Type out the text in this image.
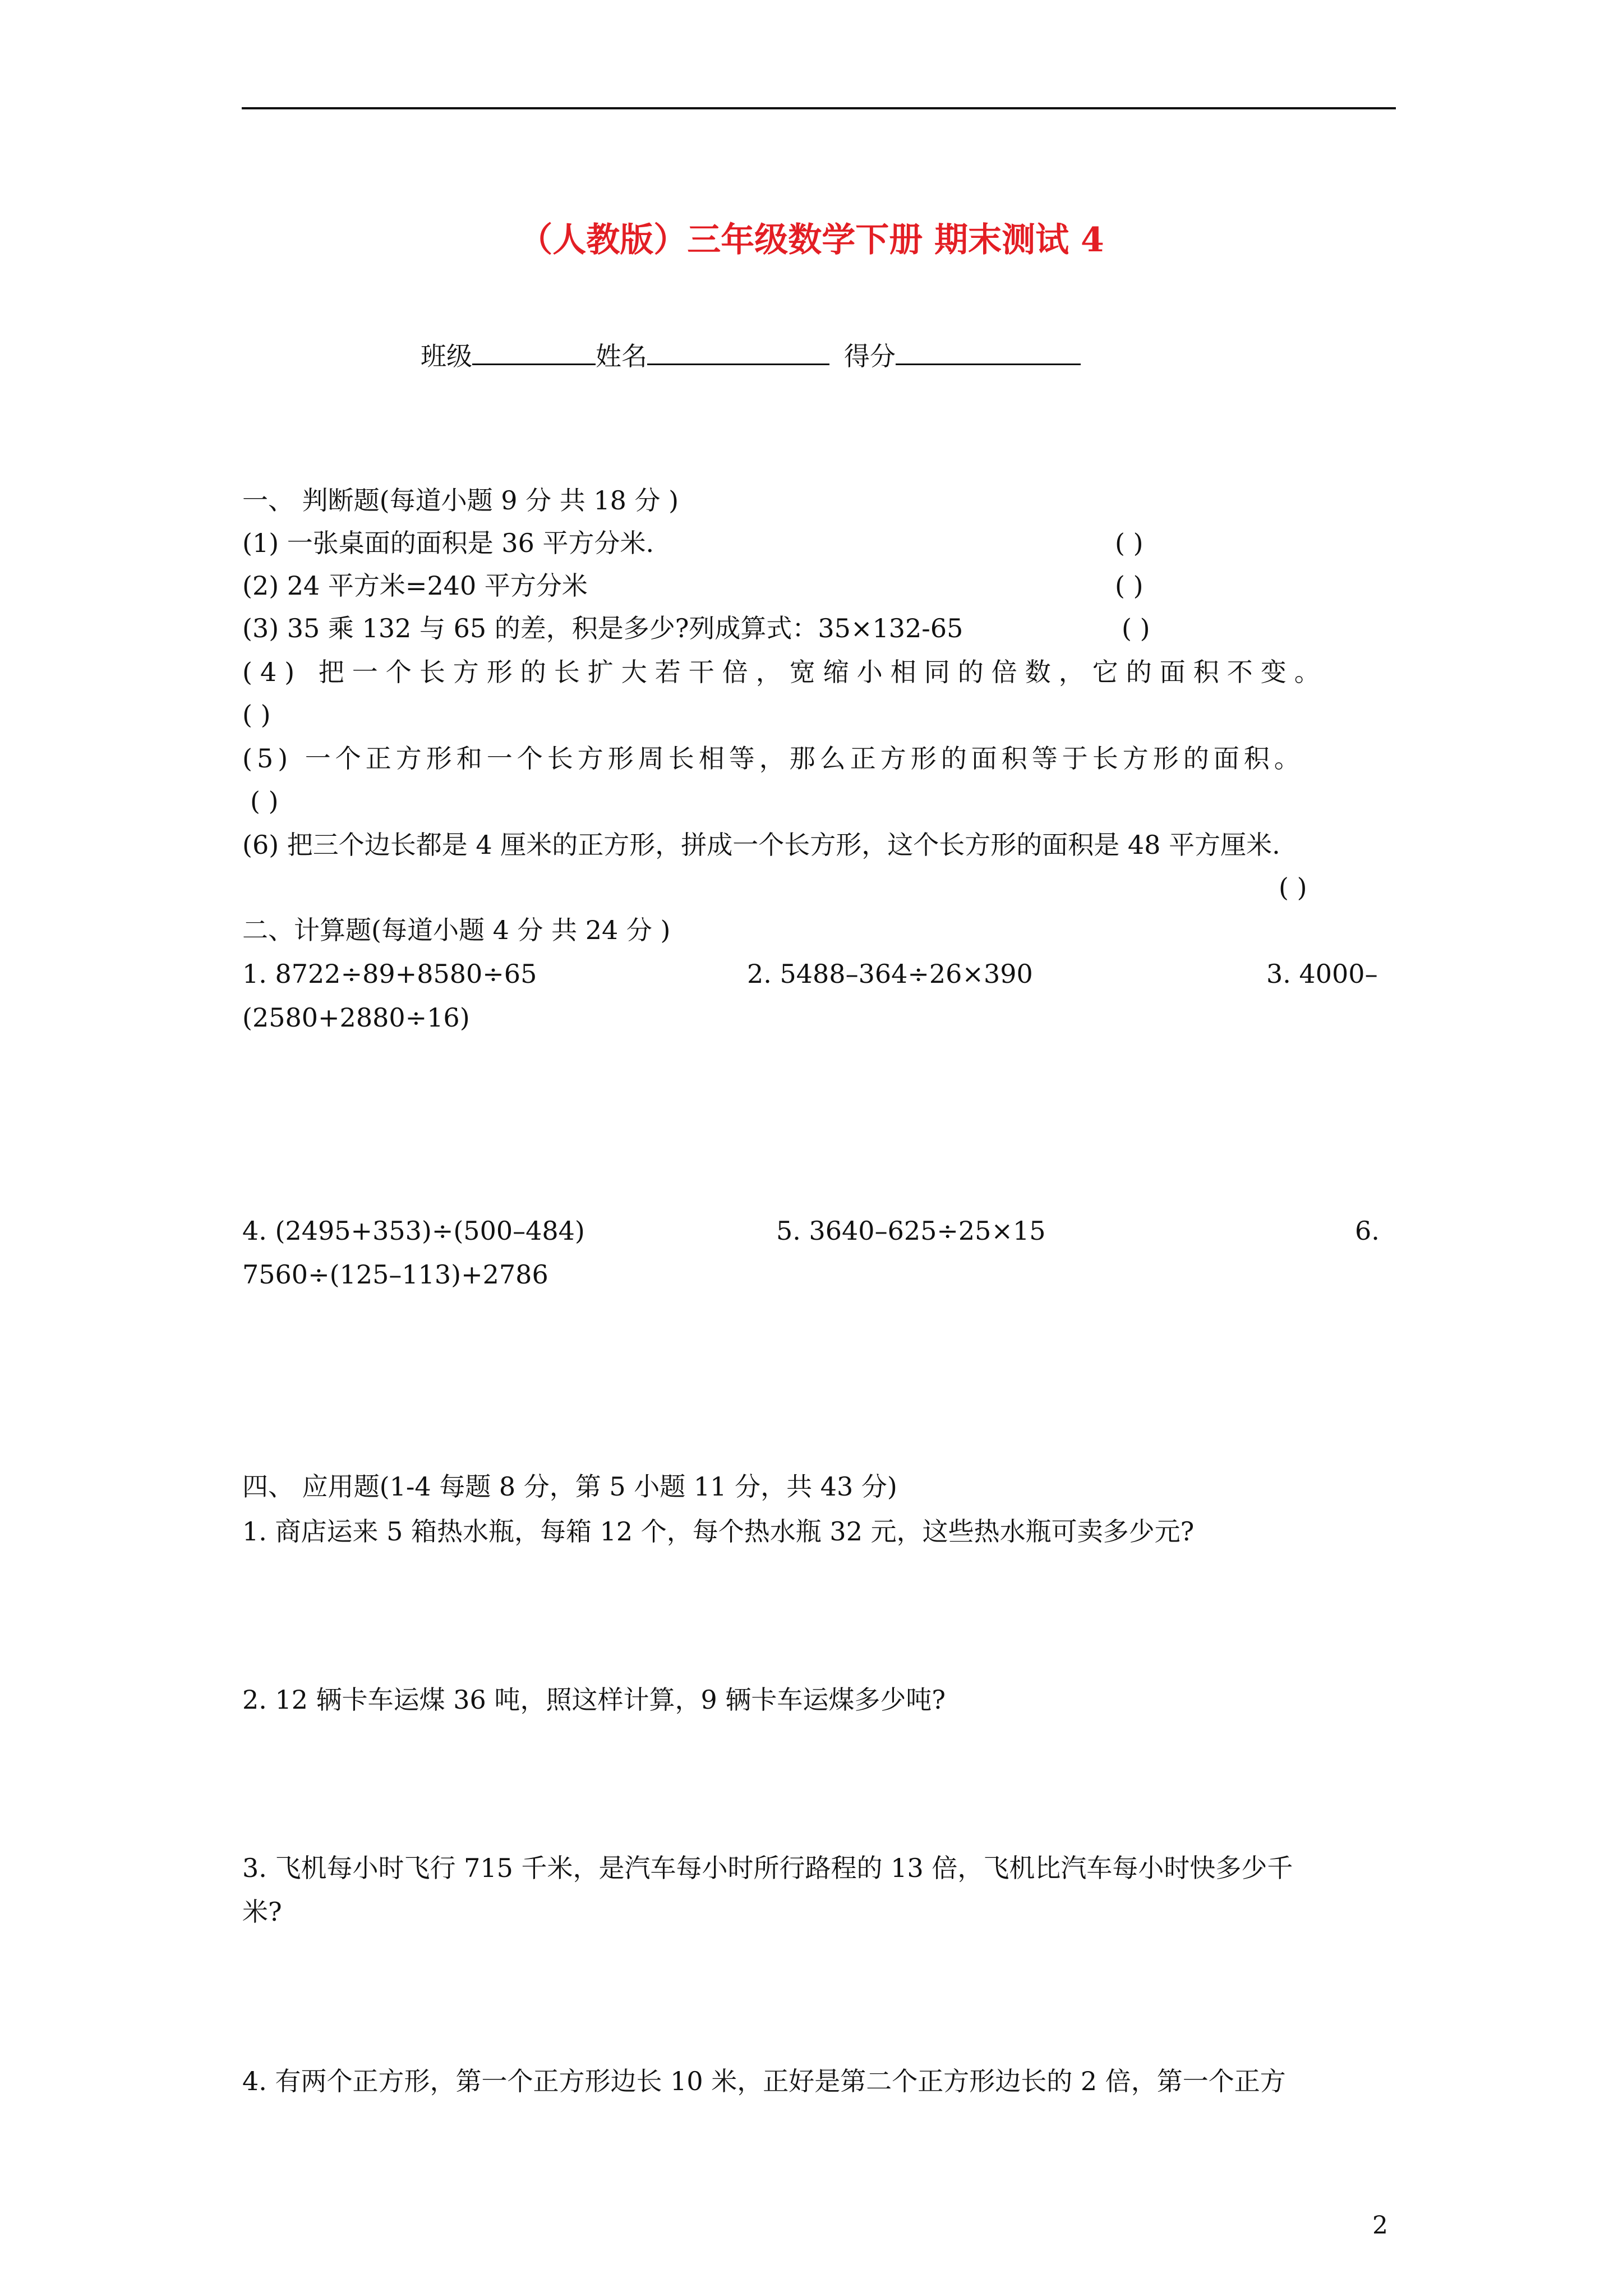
（人教版）三年级数学下册 期末测试 4
班级	姓名	得分
一、 判断题(每道小题 9 分 共 18 分 )
(1) 一张桌面的面积是 36 平方分米.	( )
(2) 24 平方米=240 平方分米	( )
(3) 35 乘 132 与 65 的差，积是多少?列成算式：35×132-65	( )
(4) 把一个长方形的长扩大若干倍，宽缩小相同的倍数，它的面积不变。
( )
(5) 一个正方形和一个长方形周长相等，那么正方形的面积等于长方形的面积。
( )
(6) 把三个边长都是 4 厘米的正方形，拼成一个长方形，这个长方形的面积是 48 平方厘米.
( )
二、计算题(每道小题 4 分 共 24 分 )
1. 8722÷89+8580÷65	2. 5488–364÷26×390	3. 4000–
(2580+2880÷16)
4. (2495+353)÷(500–484)	5. 3640–625÷25×15	6.
7560÷(125–113)+2786
四、 应用题(1-4 每题 8 分，第 5 小题 11 分，共 43 分)
1. 商店运来 5 箱热水瓶，每箱 12 个，每个热水瓶 32 元，这些热水瓶可卖多少元?
2. 12 辆卡车运煤 36 吨，照这样计算，9 辆卡车运煤多少吨?
3. 飞机每小时飞行 715 千米，是汽车每小时所行路程的 13 倍，飞机比汽车每小时快多少千
米?
4. 有两个正方形，第一个正方形边长 10 米，正好是第二个正方形边长的 2 倍，第一个正方
2
